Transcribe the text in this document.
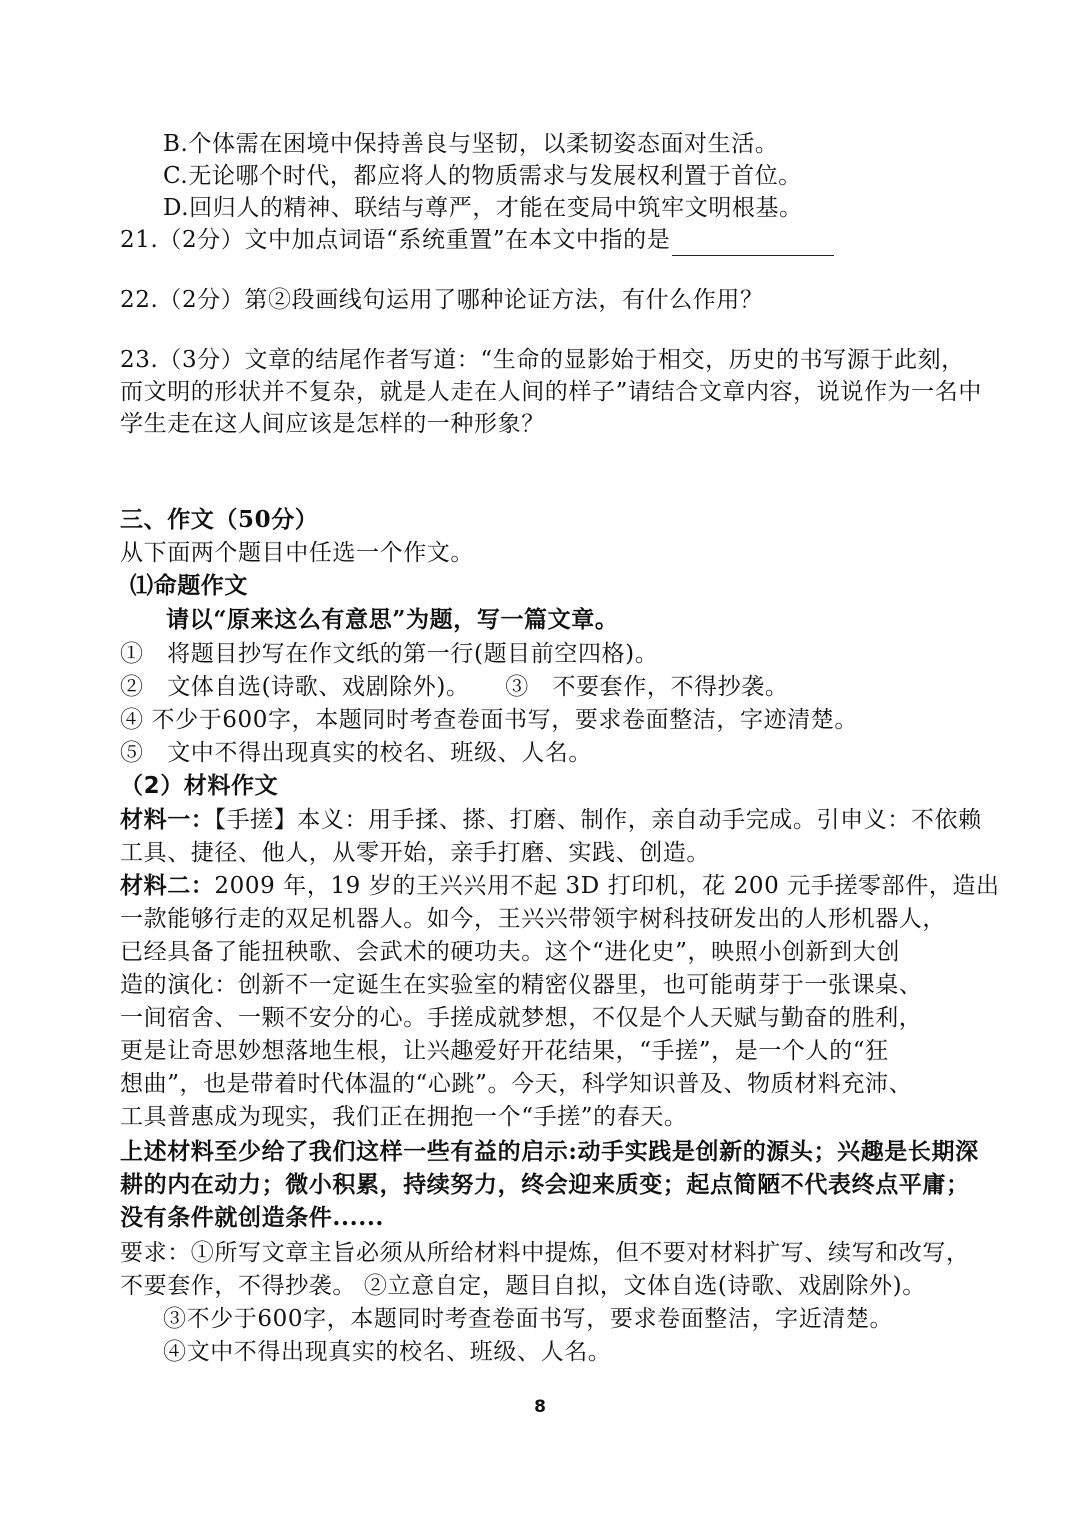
B.个体需在困境中保持善良与坚韧，以柔韧姿态面对生活。
C.无论哪个时代，都应将人的物质需求与发展权利置于首位。
D.回归人的精神、联结与尊严，才能在变局中筑牢文明根基。
21.（2分）文中加点词语“系统重置”在本文中指的是
22.（2分）第②段画线句运用了哪种论证方法，有什么作用？
23.（3分）文章的结尾作者写道：“生命的显影始于相交，历史的书写源于此刻，
而文明的形状并不复杂，就是人走在人间的样子”请结合文章内容，说说作为一名中
学生走在这人间应该是怎样的一种形象？
三、作文（50分）
从下面两个题目中任选一个作文。
⑴命题作文
请以“原来这么有意思”为题，写一篇文章。
①　将题目抄写在作文纸的第一行(题目前空四格)。
②　文体自选(诗歌、戏剧除外)。　　③　不要套作，不得抄袭。
④ 不少于600字，本题同时考查卷面书写，要求卷面整洁，字迹清楚。
⑤　文中不得出现真实的校名、班级、人名。
（2）材料作文
材料一：【手搓】本义：用手揉、搽、打磨、制作，亲自动手完成。引申义：不依赖
工具、捷径、他人，从零开始，亲手打磨、实践、创造。
材料二：2009 年，19 岁的王兴兴用不起 3D 打印机，花 200 元手搓零部件，造出
一款能够行走的双足机器人。如今，王兴兴带领宇树科技研发出的人形机器人，
已经具备了能扭秧歌、会武术的硬功夫。这个“进化史”，映照小创新到大创
造的演化：创新不一定诞生在实验室的精密仪器里，也可能萌芽于一张课桌、
一间宿舍、一颗不安分的心。手搓成就梦想，不仅是个人天赋与勤奋的胜利，
更是让奇思妙想落地生根，让兴趣爱好开花结果，“手搓”，是一个人的“狂
想曲”，也是带着时代体温的“心跳”。今天，科学知识普及、物质材料充沛、
工具普惠成为现实，我们正在拥抱一个“手搓”的春天。
上述材料至少给了我们这样一些有益的启示:动手实践是创新的源头；兴趣是长期深
耕的内在动力；微小积累，持续努力，终会迎来质变；起点简陋不代表终点平庸；
没有条件就创造条件......
要求：①所写文章主旨必须从所给材料中提炼，但不要对材料扩写、续写和改写，
不要套作，不得抄袭。 ②立意自定，题目自拟，文体自选(诗歌、戏剧除外)。
③不少于600字，本题同时考查卷面书写，要求卷面整洁，字近清楚。
④文中不得出现真实的校名、班级、人名。
8
